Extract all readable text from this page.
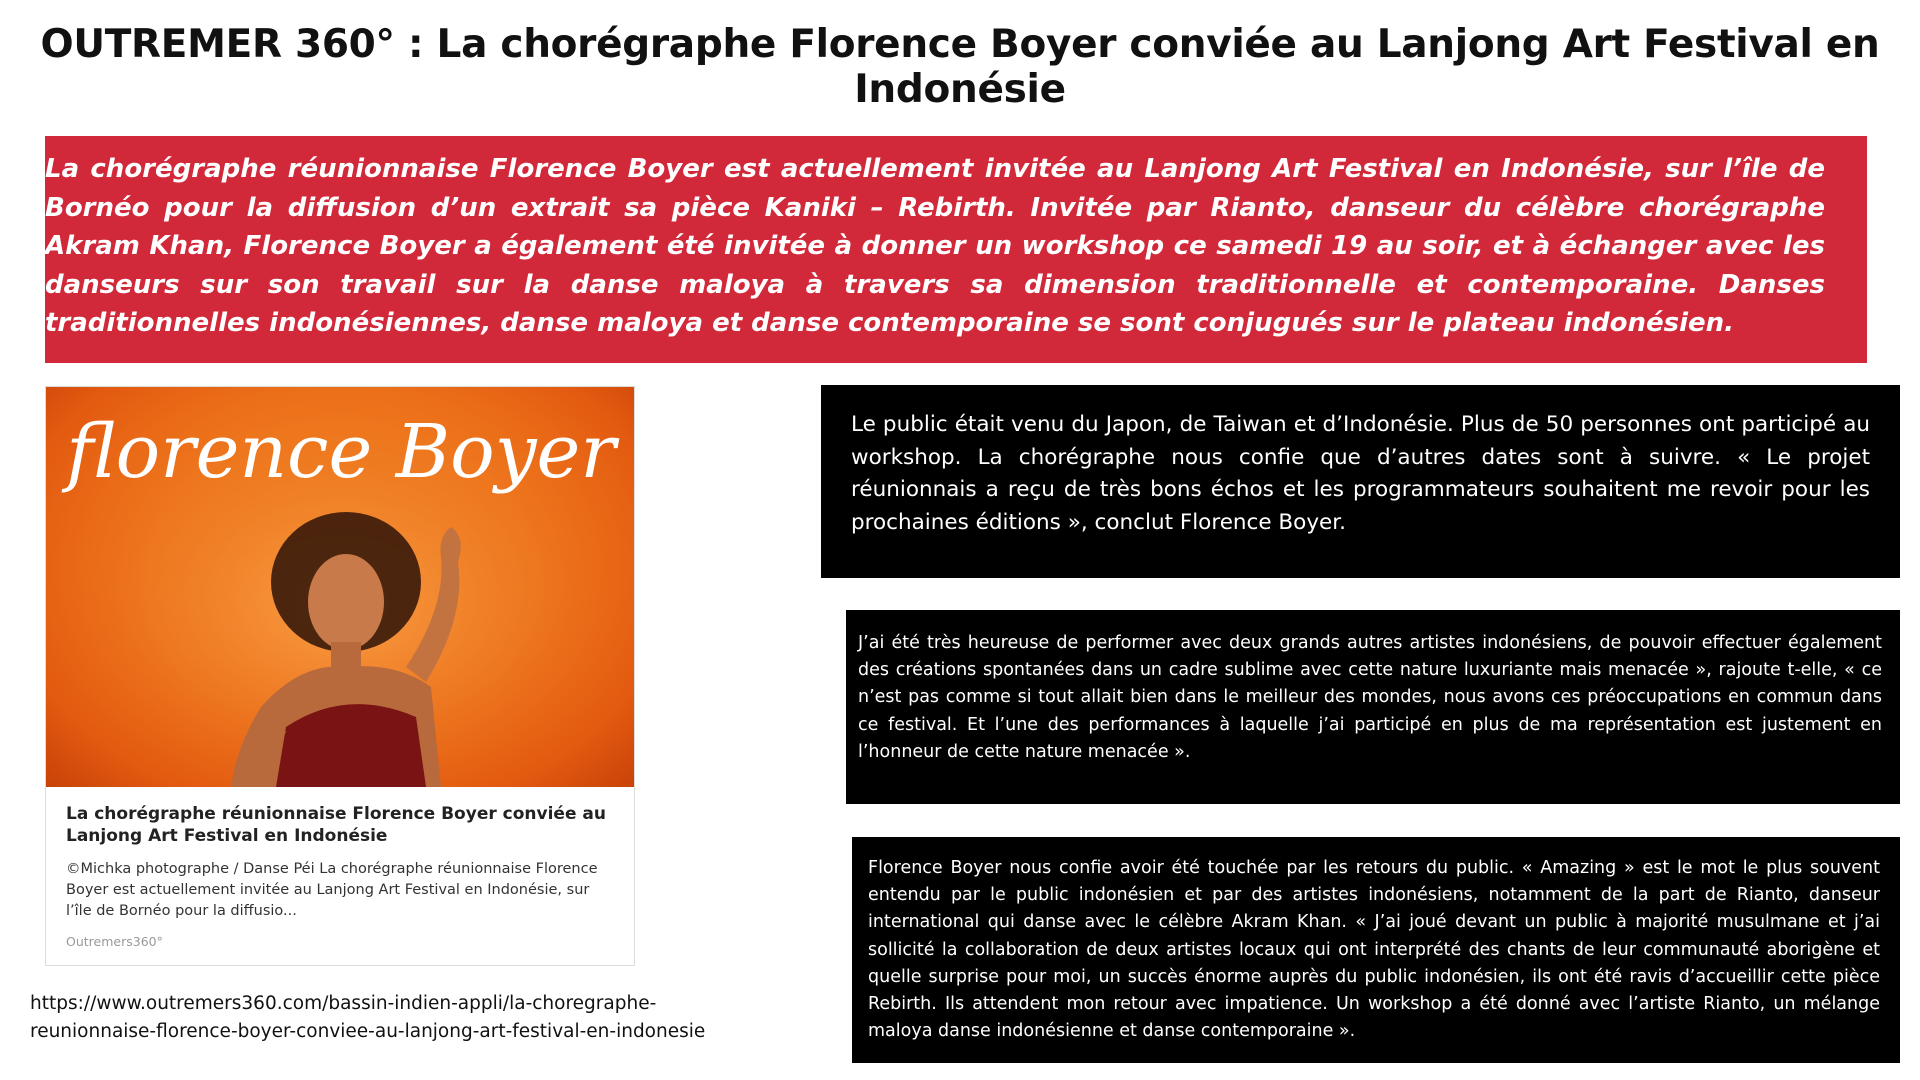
OUTREMER 360° : La chorégraphe Florence Boyer conviée au Lanjong Art Festival en Indonésie

La chorégraphe réunionnaise Florence Boyer est actuellement invitée au Lanjong Art Festival en Indonésie, sur l’île de Bornéo pour la diffusion d’un extrait sa pièce Kaniki – Rebirth. Invitée par Rianto, danseur du célèbre chorégraphe Akram Khan, Florence Boyer a également été invitée à donner un workshop ce samedi 19 au soir, et à échanger avec les danseurs sur son travail sur la danse maloya à travers sa dimension traditionnelle et contemporaine. Danses traditionnelles indonésiennes, danse maloya et danse contemporaine se sont conjugués sur le plateau indonésien.

florence Boyer
La chorégraphe réunionnaise Florence Boyer conviée au Lanjong Art Festival en Indonésie
©Michka photographe / Danse Péi La chorégraphe réunionnaise Florence Boyer est actuellement invitée au Lanjong Art Festival en Indonésie, sur l’île de Bornéo pour la diffusio...
Outremers360°
https://www.outremers360.com/bassin-indien-appli/la-choregraphe-reunionnaise-florence-boyer-conviee-au-lanjong-art-festival-en-indonesie
Le public était venu du Japon, de Taiwan et d’Indonésie. Plus de 50 personnes ont participé au workshop. La chorégraphe nous confie que d’autres dates sont à suivre. « Le projet réunionnais a reçu de très bons échos et les programmateurs souhaitent me revoir pour les prochaines éditions », conclut Florence Boyer.
J’ai été très heureuse de performer avec deux grands autres artistes indonésiens, de pouvoir effectuer également des créations spontanées dans un cadre sublime avec cette nature luxuriante mais menacée », rajoute t-elle, « ce n’est pas comme si tout allait bien dans le meilleur des mondes, nous avons ces préoccupations en commun dans ce festival. Et l’une des performances à laquelle j’ai participé en plus de ma représentation est justement en l’honneur de cette nature menacée ».
Florence Boyer nous confie avoir été touchée par les retours du public. « Amazing » est le mot le plus souvent entendu par le public indonésien et par des artistes indonésiens, notamment de la part de Rianto, danseur international qui danse avec le célèbre Akram Khan. « J’ai joué devant un public à majorité musulmane et j’ai sollicité la collaboration de deux artistes locaux qui ont interprété des chants de leur communauté aborigène et quelle surprise pour moi, un succès énorme auprès du public indonésien, ils ont été ravis d’accueillir cette pièce Rebirth. Ils attendent mon retour avec impatience. Un workshop a été donné avec l’artiste Rianto, un mélange maloya danse indonésienne et danse contemporaine ».
